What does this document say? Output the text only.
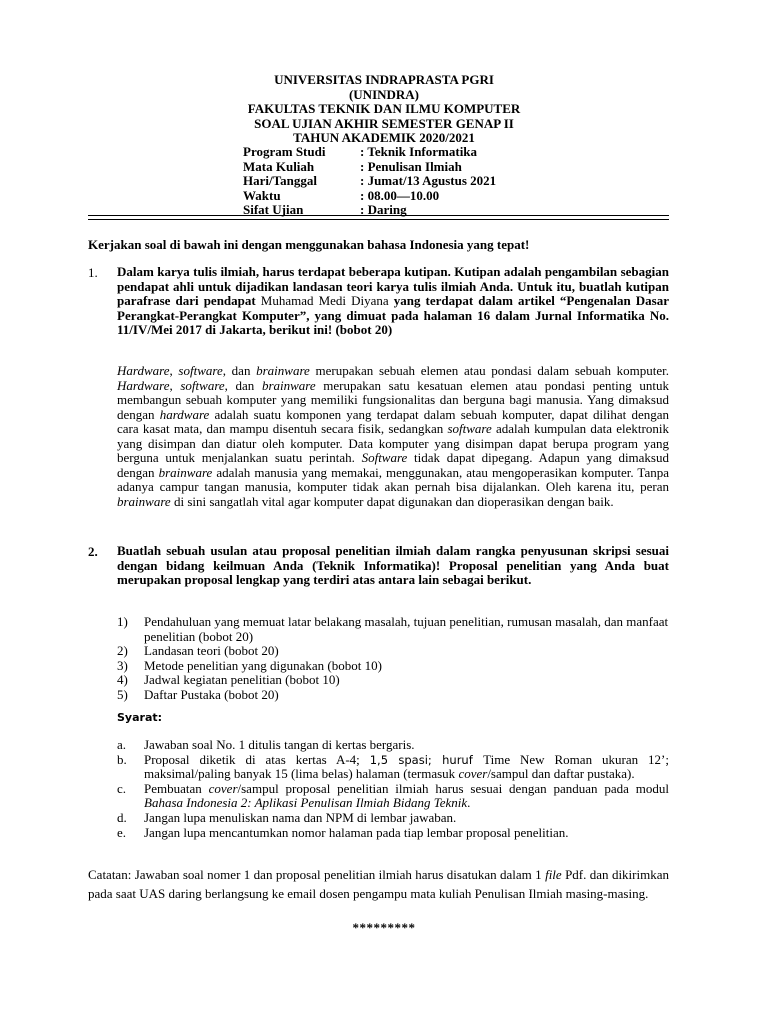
UNIVERSITAS INDRAPRASTA PGRI
(UNINDRA)
FAKULTAS TEKNIK DAN ILMU KOMPUTER
SOAL UJIAN AKHIR SEMESTER GENAP II
TAHUN AKADEMIK 2020/2021
Program Studi	: Teknik Informatika
Mata Kuliah	: Penulisan Ilmiah
Hari/Tanggal	: Jumat/13 Agustus 2021
Waktu	: 08.00—10.00
Sifat Ujian	: Daring
Kerjakan soal di bawah ini dengan menggunakan bahasa Indonesia yang tepat!
1. Dalam karya tulis ilmiah, harus terdapat beberapa kutipan. Kutipan adalah pengambilan sebagian pendapat ahli untuk dijadikan landasan teori karya tulis ilmiah Anda. Untuk itu, buatlah kutipan parafrase dari pendapat Muhamad Medi Diyana yang terdapat dalam artikel “Pengenalan Dasar Perangkat-Perangkat Komputer”, yang dimuat pada halaman 16 dalam Jurnal Informatika No. 11/IV/Mei 2017 di Jakarta, berikut ini! (bobot 20)

Hardware, software, dan brainware merupakan sebuah elemen atau pondasi dalam sebuah komputer. Hardware, software, dan brainware merupakan satu kesatuan elemen atau pondasi penting untuk membangun sebuah komputer yang memiliki fungsionalitas dan berguna bagi manusia. Yang dimaksud dengan hardware adalah suatu komponen yang terdapat dalam sebuah komputer, dapat dilihat dengan cara kasat mata, dan mampu disentuh secara fisik, sedangkan software adalah kumpulan data elektronik yang disimpan dan diatur oleh komputer. Data komputer yang disimpan dapat berupa program yang berguna untuk menjalankan suatu perintah. Software tidak dapat dipegang. Adapun yang dimaksud dengan brainware adalah manusia yang memakai, menggunakan, atau mengoperasikan komputer. Tanpa adanya campur tangan manusia, komputer tidak akan pernah bisa dijalankan. Oleh karena itu, peran brainware di sini sangatlah vital agar komputer dapat digunakan dan dioperasikan dengan baik.

2. Buatlah sebuah usulan atau proposal penelitian ilmiah dalam rangka penyusunan skripsi sesuai dengan bidang keilmuan Anda (Teknik Informatika)! Proposal penelitian yang Anda buat merupakan proposal lengkap yang terdiri atas antara lain sebagai berikut.
1)	Pendahuluan yang memuat latar belakang masalah, tujuan penelitian, rumusan masalah, dan manfaat penelitian (bobot 20)
2)	Landasan teori (bobot 20)
3)	Metode penelitian yang digunakan (bobot 10)
4)	Jadwal kegiatan penelitian (bobot 10)
5)	Daftar Pustaka (bobot 20)
Syarat:
a.	Jawaban soal No. 1 ditulis tangan di kertas bergaris.
b.	Proposal diketik di atas kertas A-4; 1,5 spasi; huruf Time New Roman ukuran 12’; maksimal/paling banyak 15 (lima belas) halaman (termasuk cover/sampul dan daftar pustaka).
c.	Pembuatan cover/sampul proposal penelitian ilmiah harus sesuai dengan panduan pada modul Bahasa Indonesia 2: Aplikasi Penulisan Ilmiah Bidang Teknik.
d.	Jangan lupa menuliskan nama dan NPM di lembar jawaban.
e.	Jangan lupa mencantumkan nomor halaman pada tiap lembar proposal penelitian.
Catatan: Jawaban soal nomer 1 dan proposal penelitian ilmiah harus disatukan dalam 1 file Pdf. dan dikirimkan pada saat UAS daring berlangsung ke email dosen pengampu mata kuliah Penulisan Ilmiah masing-masing.
*********
